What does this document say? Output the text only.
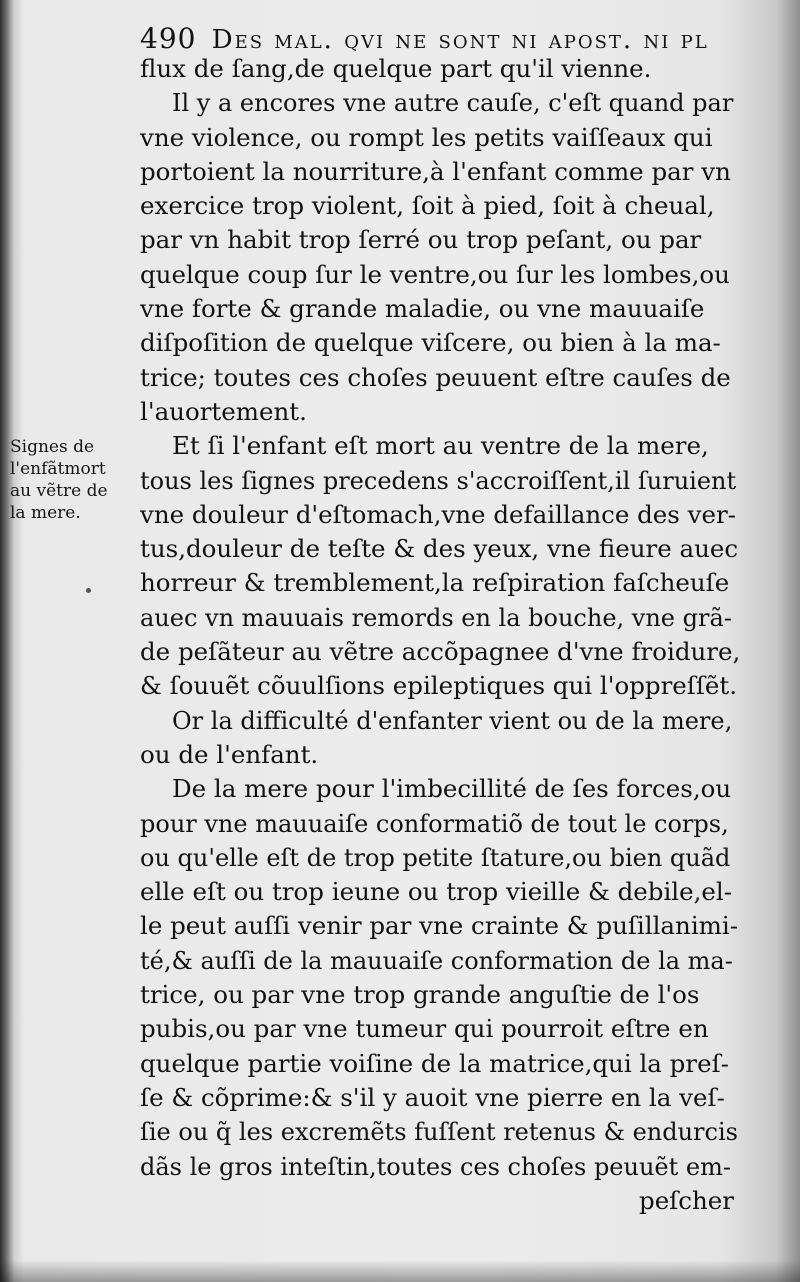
490 Des mal. qvi ne sont ni apost. ni pl
Signes de
l'enfãtmort
au vẽtre de
la mere.
flux de ſang,de quelque part qu'il vienne.
Il y a encores vne autre cauſe, c'eſt quand par
vne violence, ou rompt les petits vaiſſeaux qui
portoient la nourriture,à l'enfant comme par vn
exercice trop violent, ſoit à pied, ſoit à cheual,
par vn habit trop ſerré ou trop peſant, ou par
quelque coup ſur le ventre,ou ſur les lombes,ou
vne forte & grande maladie, ou vne mauuaiſe
diſpoſition de quelque viſcere, ou bien à la ma-
trice; toutes ces choſes peuuent eſtre cauſes de
l'auortement.
Et ſi l'enfant eſt mort au ventre de la mere,
tous les ſignes precedens s'accroiſſent,il ſuruient
vne douleur d'eſtomach,vne defaillance des ver-
tus,douleur de teſte & des yeux, vne fieure auec
horreur & tremblement,la reſpiration faſcheuſe
auec vn mauuais remords en la bouche, vne grã-
de peſãteur au vẽtre accõpagnee d'vne froidure,
& ſouuẽt cõuulſions epileptiques qui l'oppreſſẽt.
Or la difficulté d'enfanter vient ou de la mere,
ou de l'enfant.
De la mere pour l'imbecillité de ſes forces,ou
pour vne mauuaiſe conformatiõ de tout le corps,
ou qu'elle eſt de trop petite ſtature,ou bien quãd
elle eſt ou trop ieune ou trop vieille & debile,el-
le peut auſſi venir par vne crainte & puſillanimi-
té,& auſſi de la mauuaiſe conformation de la ma-
trice, ou par vne trop grande anguſtie de l'os
pubis,ou par vne tumeur qui pourroit eſtre en
quelque partie voiſine de la matrice,qui la preſ-
ſe & cõprime:& s'il y auoit vne pierre en la veſ-
ſie ou q̃ les excremẽts fuſſent retenus & endurcis
dãs le gros inteſtin,toutes ces choſes peuuẽt em-
peſcher
